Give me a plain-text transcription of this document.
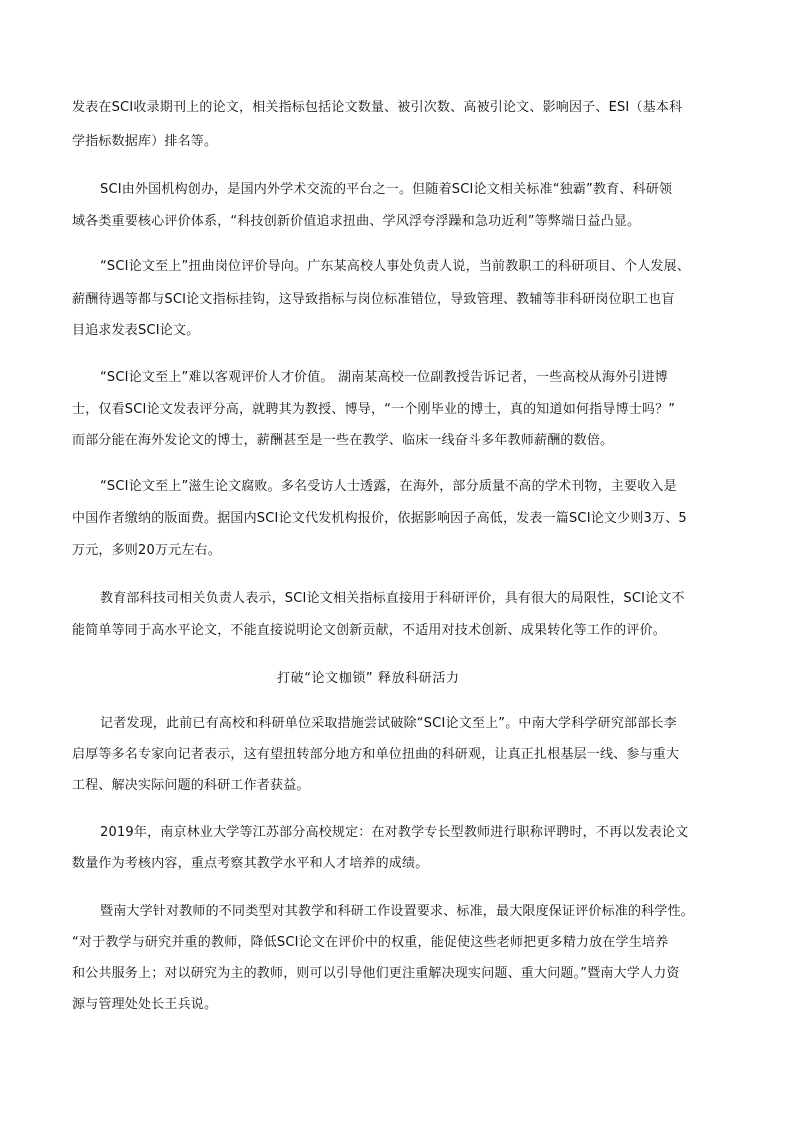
发表在SCI收录期刊上的论文，相关指标包括论文数量、被引次数、高被引论文、影响因子、ESI（基本科
学指标数据库）排名等。
SCI由外国机构创办，是国内外学术交流的平台之一。但随着SCI论文相关标准“独霸”教育、科研领
域各类重要核心评价体系，“科技创新价值追求扭曲、学风浮夸浮躁和急功近利”等弊端日益凸显。
“SCI论文至上”扭曲岗位评价导向。广东某高校人事处负责人说，当前教职工的科研项目、个人发展、
薪酬待遇等都与SCI论文指标挂钩，这导致指标与岗位标准错位，导致管理、教辅等非科研岗位职工也盲
目追求发表SCI论文。
“SCI论文至上”难以客观评价人才价值。 湖南某高校一位副教授告诉记者，一些高校从海外引进博
士，仅看SCI论文发表评分高，就聘其为教授、博导，“一个刚毕业的博士，真的知道如何指导博士吗？”
而部分能在海外发论文的博士，薪酬甚至是一些在教学、临床一线奋斗多年教师薪酬的数倍。
“SCI论文至上”滋生论文腐败。多名受访人士透露，在海外，部分质量不高的学术刊物，主要收入是
中国作者缴纳的版面费。据国内SCI论文代发机构报价，依据影响因子高低，发表一篇SCI论文少则3万、5
万元，多则20万元左右。
教育部科技司相关负责人表示，SCI论文相关指标直接用于科研评价，具有很大的局限性，SCI论文不
能简单等同于高水平论文，不能直接说明论文创新贡献，不适用对技术创新、成果转化等工作的评价。
打破“论文枷锁” 释放科研活力
记者发现，此前已有高校和科研单位采取措施尝试破除“SCI论文至上”。中南大学科学研究部部长李
启厚等多名专家向记者表示，这有望扭转部分地方和单位扭曲的科研观，让真正扎根基层一线、参与重大
工程、解决实际问题的科研工作者获益。
2019年，南京林业大学等江苏部分高校规定：在对教学专长型教师进行职称评聘时，不再以发表论文
数量作为考核内容，重点考察其教学水平和人才培养的成绩。
暨南大学针对教师的不同类型对其教学和科研工作设置要求、标准，最大限度保证评价标准的科学性。
“对于教学与研究并重的教师，降低SCI论文在评价中的权重，能促使这些老师把更多精力放在学生培养
和公共服务上；对以研究为主的教师，则可以引导他们更注重解决现实问题、重大问题。”暨南大学人力资
源与管理处处长王兵说。
